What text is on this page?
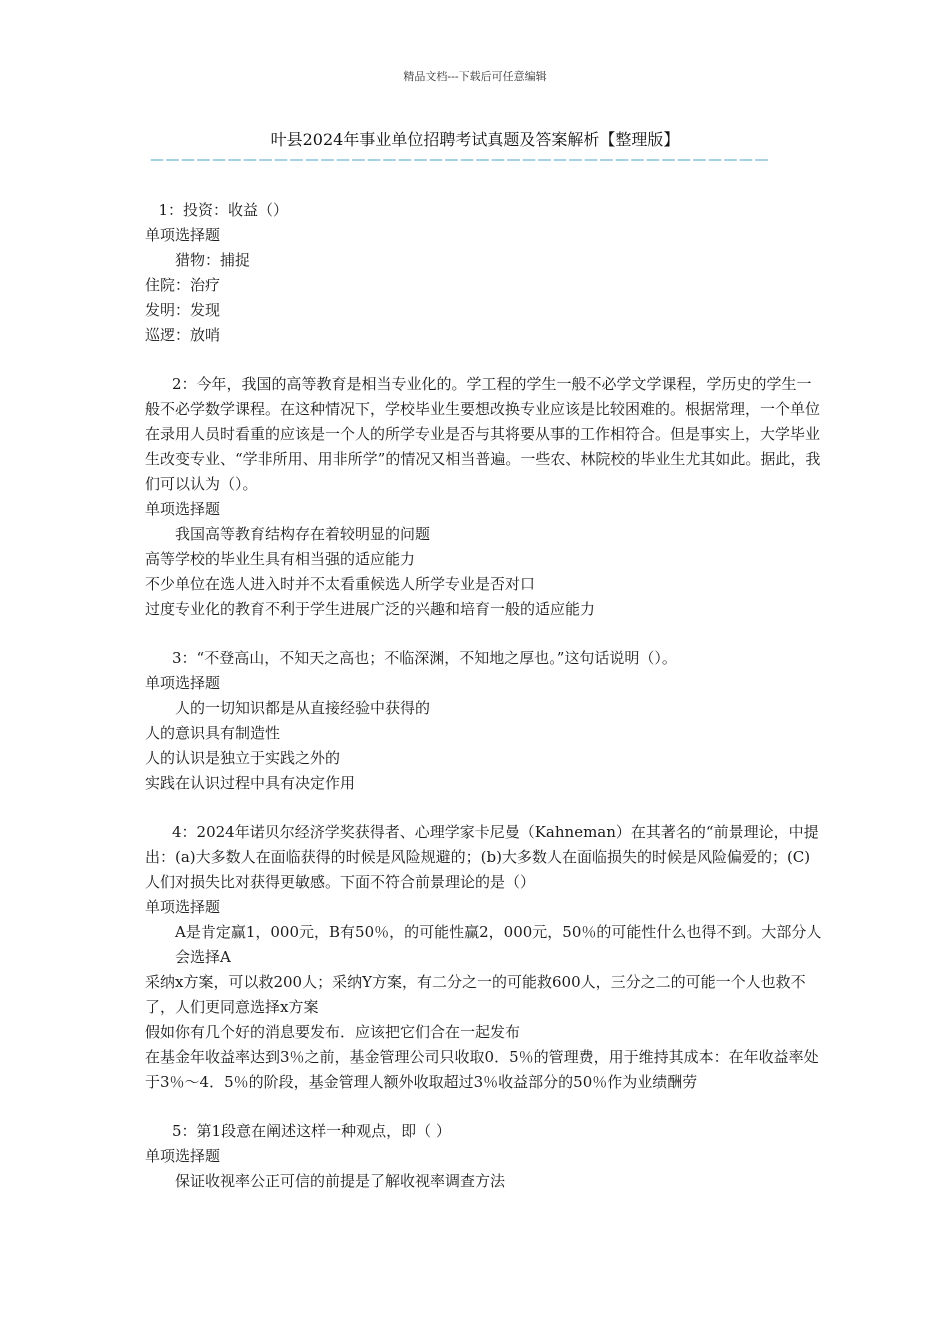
精品文档---下载后可任意编辑
叶县2024年事业单位招聘考试真题及答案解析【整理版】
————————————————————————————————————————
1：投资：收益（）
单项选择题
猎物：捕捉
住院：治疗
发明：发现
巡逻：放哨
2：今年，我国的高等教育是相当专业化的。学工程的学生一般不必学文学课程，学历史的学生一般不必学数学课程。在这种情况下，学校毕业生要想改换专业应该是比较困难的。根据常理，一个单位在录用人员时看重的应该是一个人的所学专业是否与其将要从事的工作相符合。但是事实上，大学毕业生改变专业、“学非所用、用非所学”的情况又相当普遍。一些农、林院校的毕业生尤其如此。据此，我们可以认为（）。
单项选择题
我国高等教育结构存在着较明显的问题
高等学校的毕业生具有相当强的适应能力
不少单位在选人进入时并不太看重候选人所学专业是否对口
过度专业化的教育不利于学生进展广泛的兴趣和培育一般的适应能力
3：“不登高山，不知天之高也；不临深渊，不知地之厚也。”这句话说明（）。
单项选择题
人的一切知识都是从直接经验中获得的
人的意识具有制造性
人的认识是独立于实践之外的
实践在认识过程中具有决定作用
4：2024年诺贝尔经济学奖获得者、心理学家卡尼曼（Kahneman）在其著名的“前景理论，中提出：(a)大多数人在面临获得的时候是风险规避的；(b)大多数人在面临损失的时候是风险偏爱的；(C)人们对损失比对获得更敏感。下面不符合前景理论的是（）
单项选择题
A是肯定赢1，000元，B有50％，的可能性赢2，000元，50％的可能性什么也得不到。大部分人会选择A
采纳x方案，可以救200人；采纳Y方案，有二分之一的可能救600人，三分之二的可能一个人也救不了，人们更同意选择x方案
假如你有几个好的消息要发布．应该把它们合在一起发布
在基金年收益率达到3％之前，基金管理公司只收取0．5％的管理费，用于维持其成本：在年收益率处于3％～4．5％的阶段，基金管理人额外收取超过3％收益部分的50％作为业绩酬劳
5：第1段意在阐述这样一种观点，即（ ）
单项选择题
保证收视率公正可信的前提是了解收视率调查方法
